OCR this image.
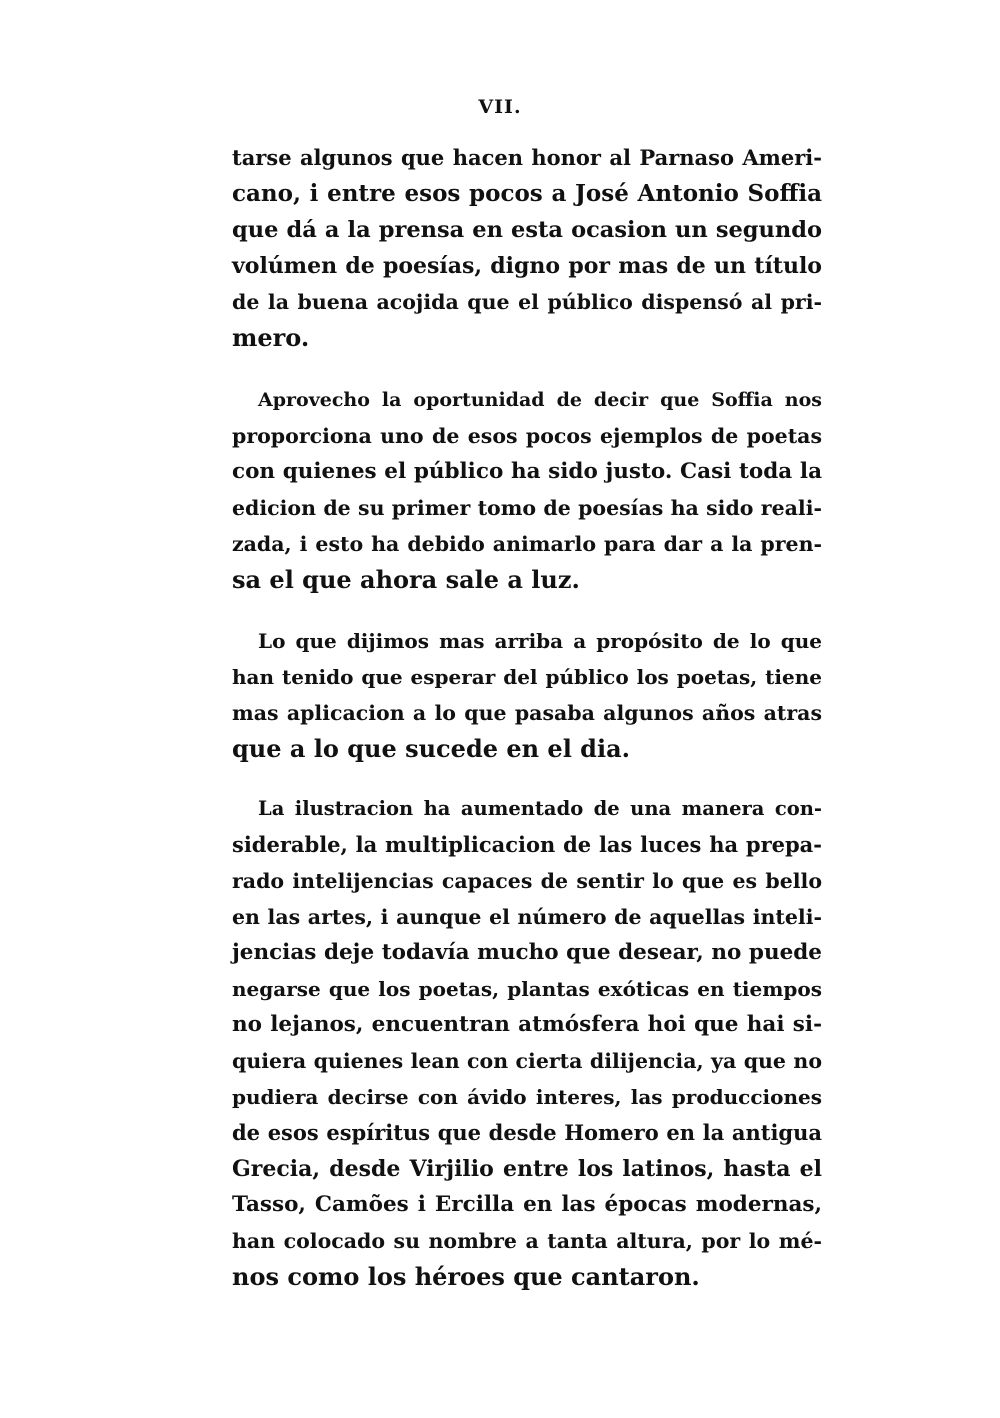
VII.
tarse algunos que hacen honor al Parnaso Ameri-
cano, i entre esos pocos a José Antonio Soffia
que dá a la prensa en esta ocasion un segundo
volúmen de poesías, digno por mas de un título
de la buena acojida que el público dispensó al pri-
mero.
Aprovecho la oportunidad de decir que Soffia nos
proporciona uno de esos pocos ejemplos de poetas
con quienes el público ha sido justo. Casi toda la
edicion de su primer tomo de poesías ha sido reali-
zada, i esto ha debido animarlo para dar a la pren-
sa el que ahora sale a luz.
Lo que dijimos mas arriba a propósito de lo que
han tenido que esperar del público los poetas, tiene
mas aplicacion a lo que pasaba algunos años atras
que a lo que sucede en el dia.
La ilustracion ha aumentado de una manera con-
siderable, la multiplicacion de las luces ha prepa-
rado intelijencias capaces de sentir lo que es bello
en las artes, i aunque el número de aquellas inteli-
jencias deje todavía mucho que desear, no puede
negarse que los poetas, plantas exóticas en tiempos
no lejanos, encuentran atmósfera hoi que hai si-
quiera quienes lean con cierta dilijencia, ya que no
pudiera decirse con ávido interes, las producciones
de esos espíritus que desde Homero en la antigua
Grecia, desde Virjilio entre los latinos, hasta el
Tasso, Camões i Ercilla en las épocas modernas,
han colocado su nombre a tanta altura, por lo mé-
nos como los héroes que cantaron.
